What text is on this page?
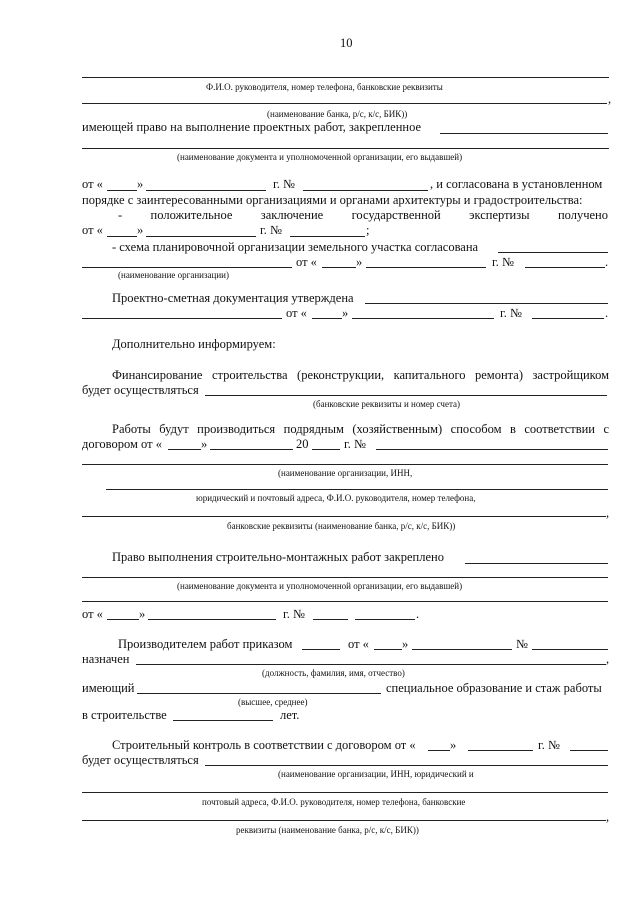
10
Ф.И.О. руководителя, номер телефона, банковские реквизиты
,
(наименование банка, р/с, к/с, БИК))
имеющей право на выполнение проектных работ, закрепленное
(наименование документа и уполномоченной организации, его выдавшей)
от «	»	г. №	, и согласована в установленном
порядке с заинтересованными организациями и органами архитектуры и градостроительства:
- положительное заключение государственной экспертизы получено
от «	»	г. №	;
- схема планировочной организации земельного участка согласована
от «	»	г. №	.
(наименование организации)
Проектно-сметная документация утверждена
от «	»	г. №	.
Дополнительно информируем:
Финансирование строительства (реконструкции, капитального ремонта) застройщиком
будет осуществляться
(банковские реквизиты и номер счета)
Работы будут производиться подрядным (хозяйственным) способом в соответствии с
договором от «	»	20	г. №
(наименование организации, ИНН,
юридический и почтовый адреса, Ф.И.О. руководителя, номер телефона,
,
банковские реквизиты (наименование банка, р/с, к/с, БИК))
Право выполнения строительно-монтажных работ закреплено
(наименование документа и уполномоченной организации, его выдавшей)
от «	»	г. №	.
Производителем работ приказом	от «	»	№
назначен	,
(должность, фамилия, имя, отчество)
имеющий	специальное образование и стаж работы
(высшее, среднее)
в строительстве	лет.
Строительный контроль в соответствии с договором от «	»	г. №
будет осуществляться
(наименование организации, ИНН, юридический и
почтовый адреса, Ф.И.О. руководителя, номер телефона, банковские
,
реквизиты (наименование банка, р/с, к/с, БИК))
